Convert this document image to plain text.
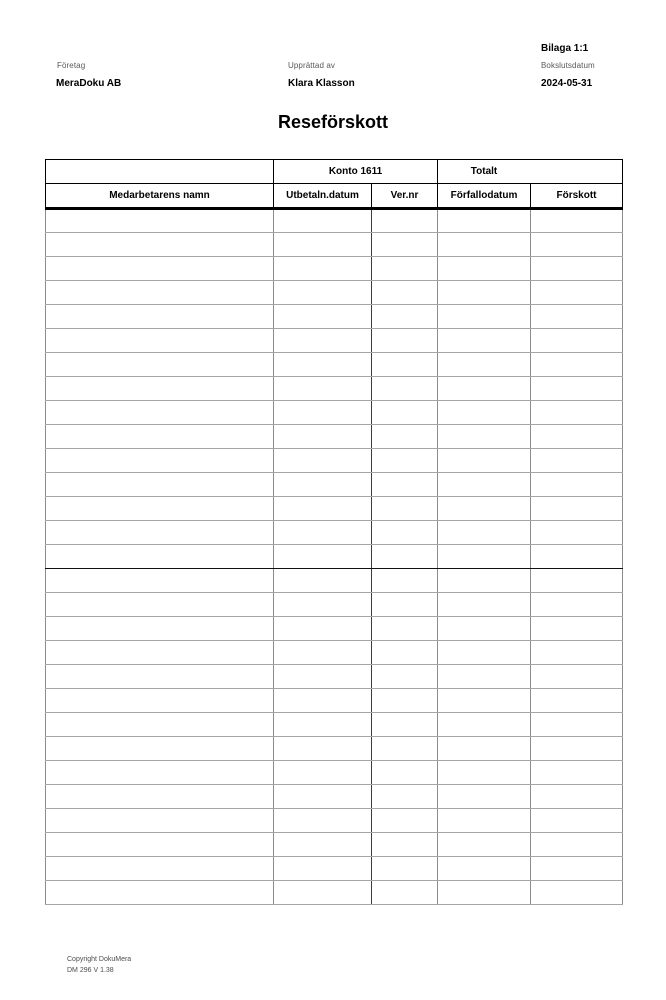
Bilaga 1:1
Företag
MeraDoku AB
Upprättad av
Klara Klasson
Bokslutsdatum
2024-05-31
Reseförskott
	Konto 1611		Totalt	
Medarbetarens namn	Utbetaln.datum	Ver.nr	Förfallodatum	Förskott

Copyright DokuMera
DM 296 V 1.38
